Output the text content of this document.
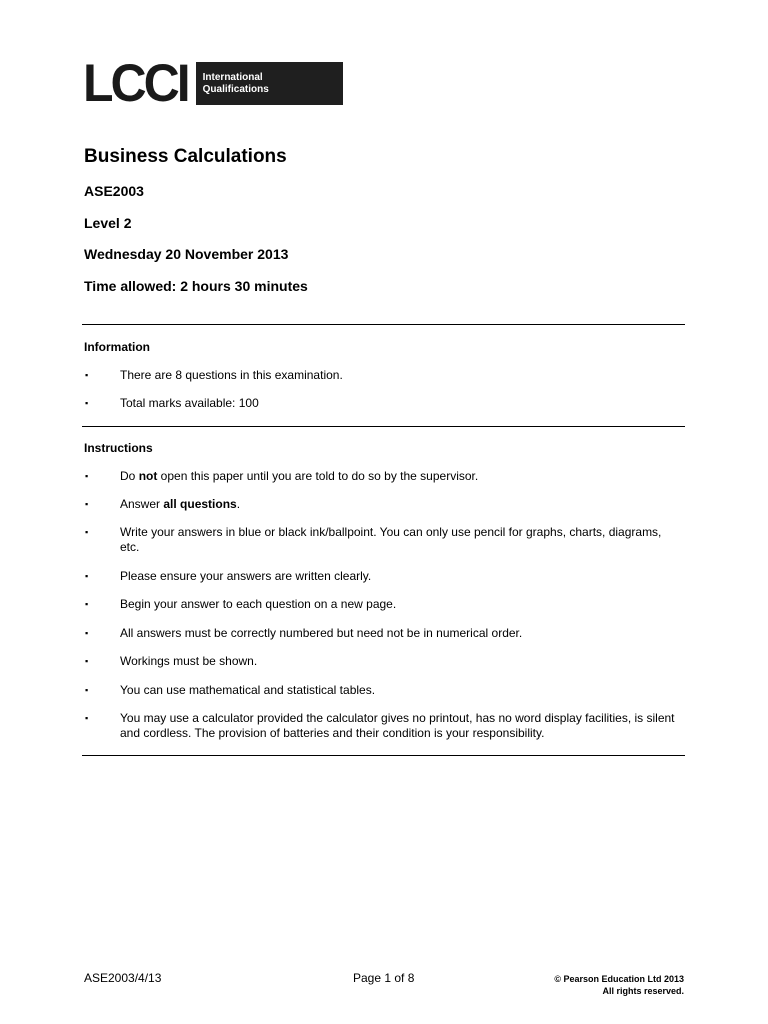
LCCI	International
Qualifications
Business Calculations
ASE2003
Level 2
Wednesday 20 November 2013
Time allowed: 2 hours 30 minutes
Information
▪	There are 8 questions in this examination.
▪	Total marks available: 100
Instructions
▪	Do not open this paper until you are told to do so by the supervisor.
▪	Answer all questions.
▪	Write your answers in blue or black ink/ballpoint. You can only use pencil for graphs, charts, diagrams, etc.
▪	Please ensure your answers are written clearly.
▪	Begin your answer to each question on a new page.
▪	All answers must be correctly numbered but need not be in numerical order.
▪	Workings must be shown.
▪	You can use mathematical and statistical tables.
▪	You may use a calculator provided the calculator gives no printout, has no word display facilities, is silent and cordless. The provision of batteries and their condition is your responsibility.
ASE2003/4/13	Page 1 of 8	© Pearson Education Ltd 2013
All rights reserved.
